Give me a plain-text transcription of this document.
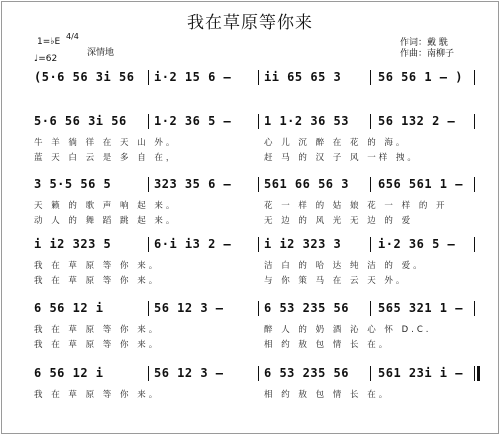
我在草原等你来
1=♭E
4/4
♩=62
深情地
作词：戴 駪
作曲：南柳子
(5·6 56 3i 56 i·2 15 6 –	ii 65 65 3	56 56 1 – )
5·6 56 3i 56 1·2 36 5 –	1 1·2 36 53 56 132 2 –
牛 羊 徜 徉 在 天 山 外。	心 儿 沉 醉 在 花 的 海。
蓝 天 白 云 是 多 自 在，	赶 马 的 汉 子 风 一样 拽。
3 5·5 56 5	323 35 6 –	561 66 56 3 656 561 1 –
天 籁 的 歌 声 响 起 来。	花 一 样 的 姑 娘 花 一 样 的 开
动 人 的 舞 蹈 跳 起 来。	无 边 的 风 光 无 边 的 爱
i i2 323 5	6·i i3 2 –	i i2 323 3	i·2 36 5 –
我 在 草 原 等 你 来。	洁 白 的 哈 达 纯 洁 的 爱。
我 在 草 原 等 你 来。	与 你 策 马 在 云 天 外。
6 56 12 i	56 12 3 –	6 53 235 56 565 321 1 –
我 在 草 原 等 你 来。	醉 人 的 奶 酒 沁 心 怀 D.C.
我 在 草 原 等 你 来。	相 约 敖 包 情 长 在。
6 56 12 i	56 12 3 –	6 53 235 56 561 23i i –
我 在 草 原 等 你 来。	相 约 敖 包 情 长 在。
